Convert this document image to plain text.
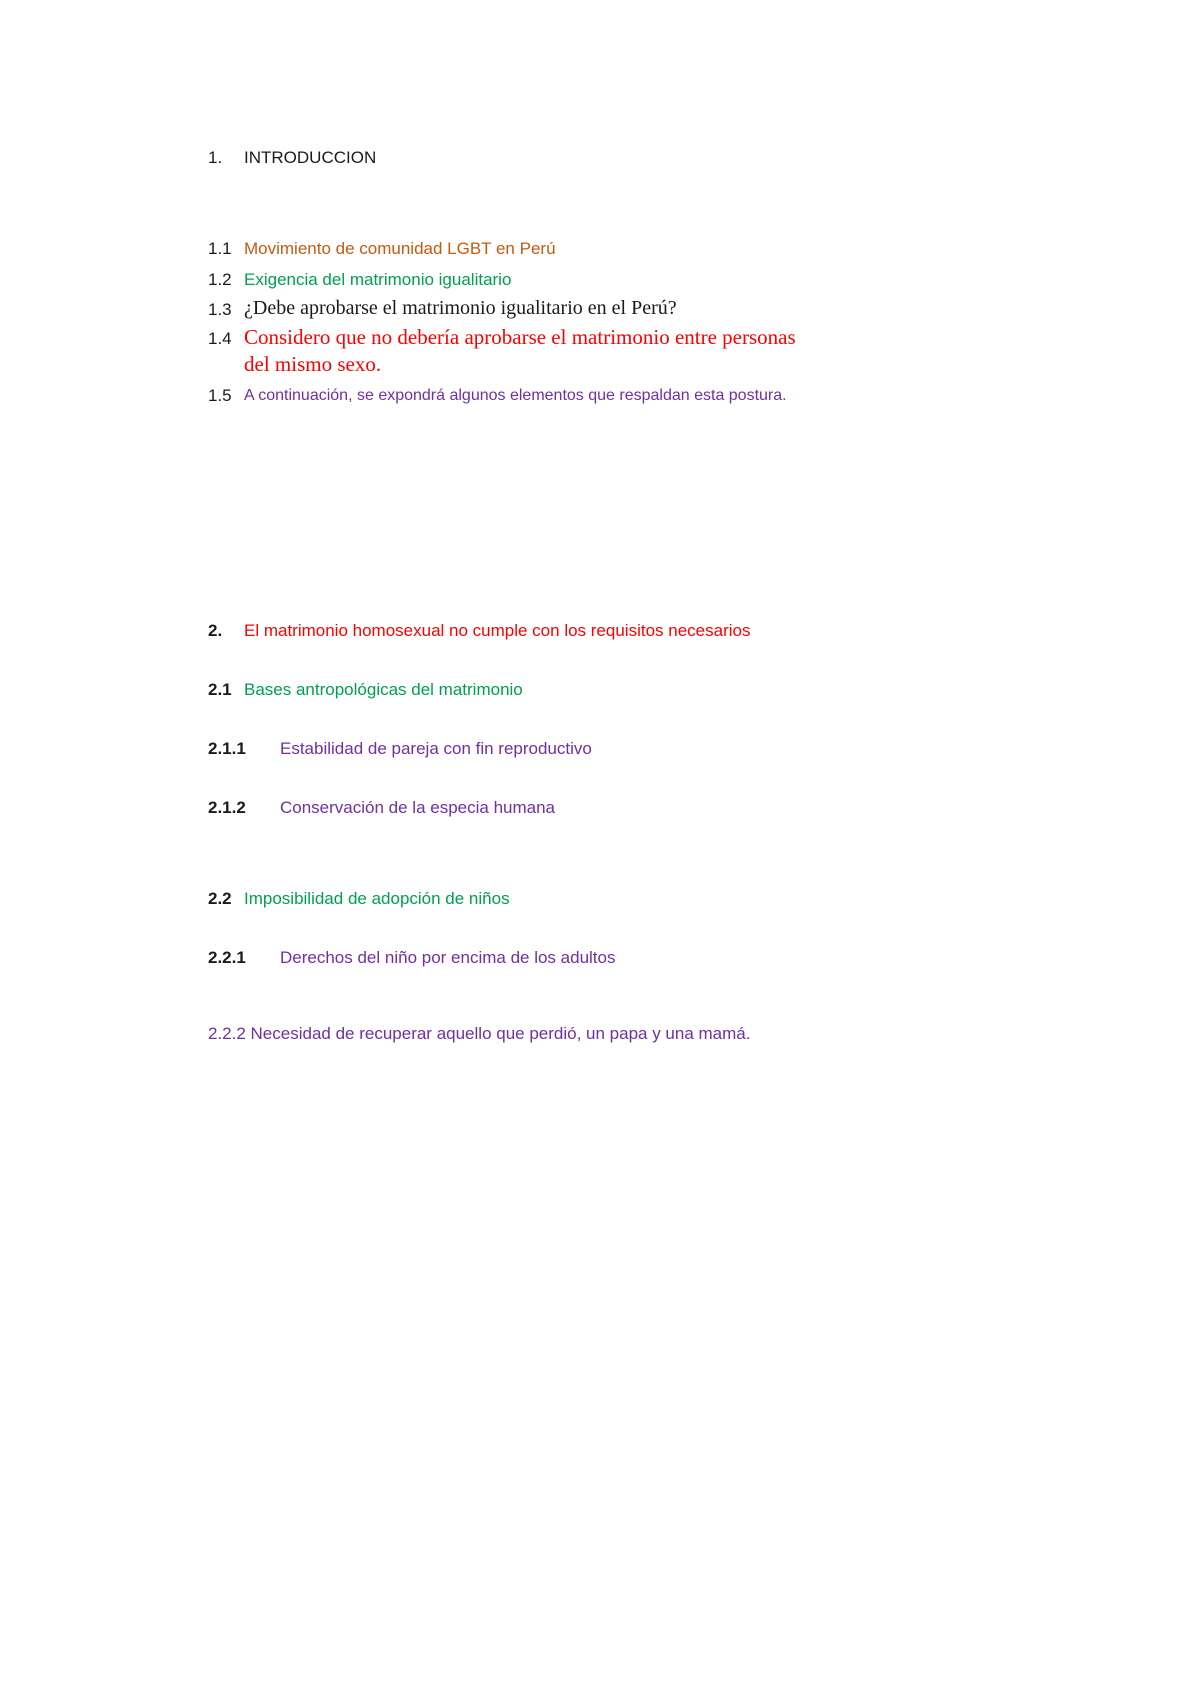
1. INTRODUCCION
1.1 Movimiento de comunidad LGBT en Perú
1.2 Exigencia del matrimonio igualitario
1.3 ¿Debe aprobarse el matrimonio igualitario en el Perú?
1.4 Considero que no debería aprobarse el matrimonio entre personas
del mismo sexo.
1.5 A continuación, se expondrá algunos elementos que respaldan esta postura.
2. El matrimonio homosexual no cumple con los requisitos necesarios
2.1 Bases antropológicas del matrimonio
2.1.1 Estabilidad de pareja con fin reproductivo
2.1.2 Conservación de la especia humana
2.2 Imposibilidad de adopción de niños
2.2.1 Derechos del niño por encima de los adultos
2.2.2 Necesidad de recuperar aquello que perdió, un papa y una mamá.
